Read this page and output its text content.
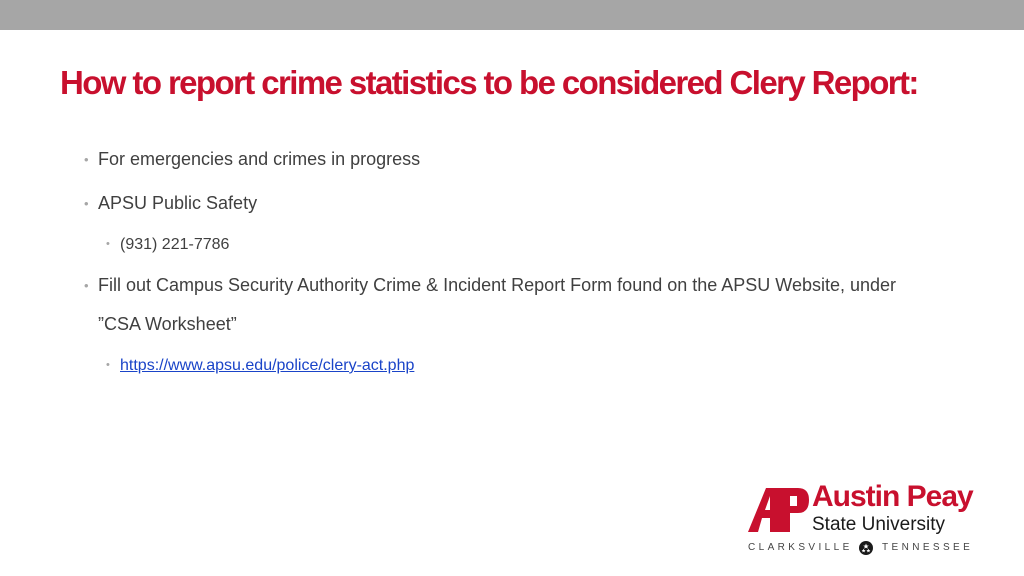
How to report crime statistics to be considered Clery Report:
• For emergencies and crimes in progress
• APSU Public Safety
• (931) 221-7786
• Fill out Campus Security Authority Crime & Incident Report Form found on the APSU Website, under
”CSA Worksheet”
• https://www.apsu.edu/police/clery-act.php
Austin Peay
State University
CLARKSVILLE	TENNESSEE
